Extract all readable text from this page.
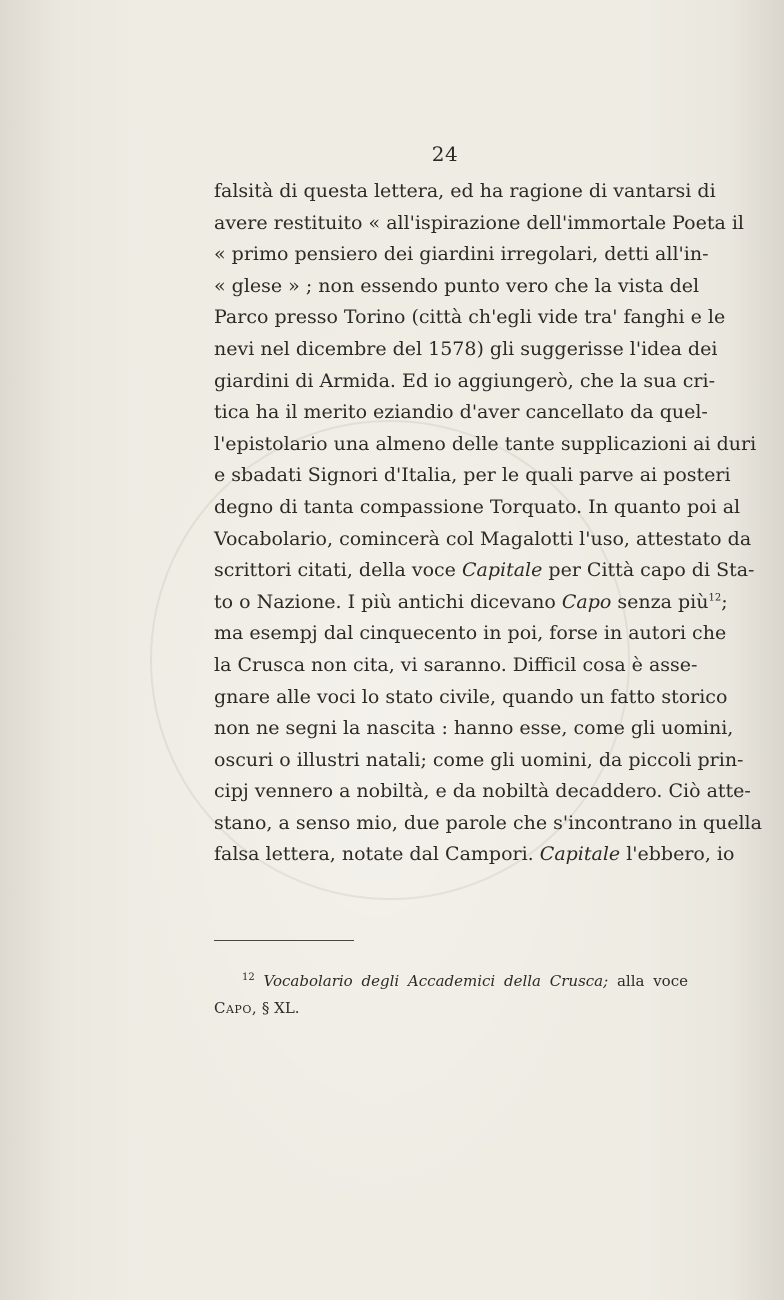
24
falsità di questa lettera, ed ha ragione di vantarsi di
avere restituito « all'ispirazione dell'immortale Poeta il
« primo pensiero dei giardini irregolari, detti all'in-
« glese » ; non essendo punto vero che la vista del
Parco presso Torino (città ch'egli vide tra' fanghi e le
nevi nel dicembre del 1578) gli suggerisse l'idea dei
giardini di Armida. Ed io aggiungerò, che la sua cri-
tica ha il merito eziandio d'aver cancellato da quel-
l'epistolario una almeno delle tante supplicazioni ai duri
e sbadati Signori d'Italia, per le quali parve ai posteri
degno di tanta compassione Torquato. In quanto poi al
Vocabolario, comincerà col Magalotti l'uso, attestato da
scrittori citati, della voce Capitale per Città capo di Sta-
to o Nazione. I più antichi dicevano Capo senza più$^{12}$;
ma esempj dal cinquecento in poi, forse in autori che
la Crusca non cita, vi saranno. Difficil cosa è asse-
gnare alle voci lo stato civile, quando un fatto storico
non ne segni la nascita : hanno esse, come gli uomini,
oscuri o illustri natali; come gli uomini, da piccoli prin-
cipj vennero a nobiltà, e da nobiltà decaddero. Ciò atte-
stano, a senso mio, due parole che s'incontrano in quella
falsa lettera, notate dal Campori. Capitale l'ebbero, io
$^{12}$ Vocabolario degli Accademici della Crusca; alla voce
Capo, § XL.
